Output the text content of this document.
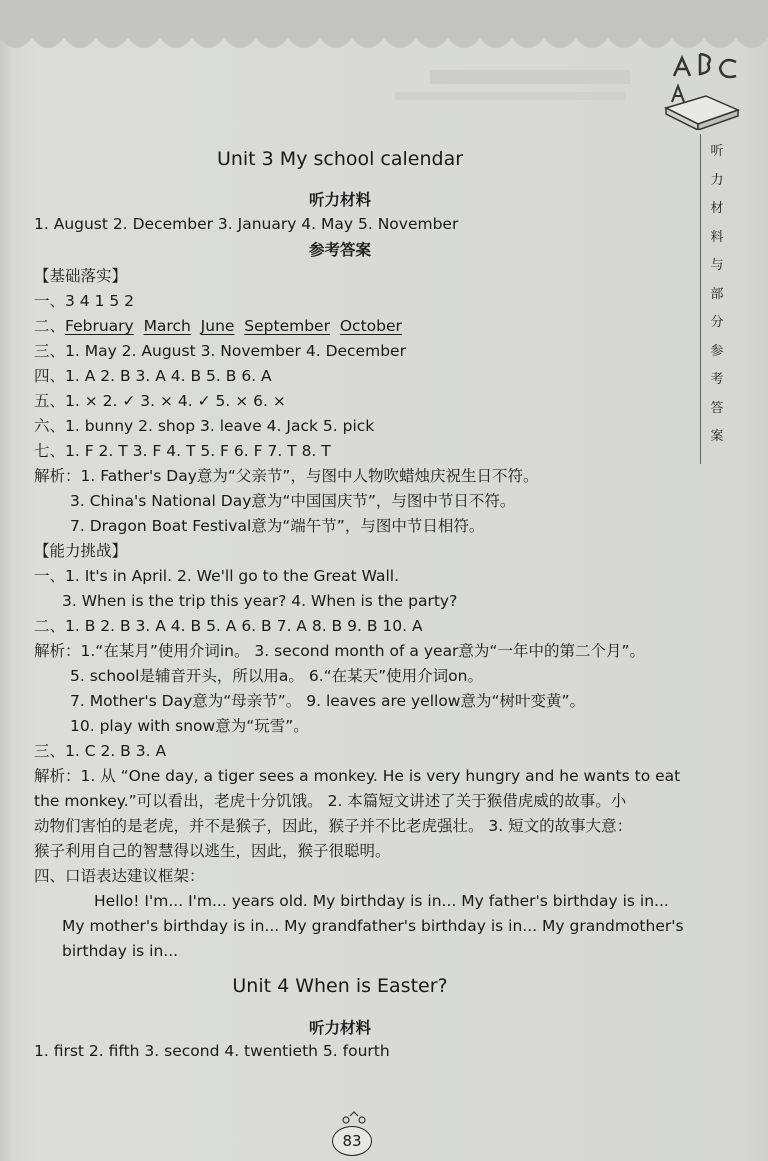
Unit 3 My school calendar
听力材料
1. August 2. December 3. January 4. May 5. November
参考答案
【基础落实】
一、3 4 1 5 2
二、February March June September October
三、1. May 2. August 3. November 4. December
四、1. A 2. B 3. A 4. B 5. B 6. A
五、1. × 2. ✓ 3. × 4. ✓ 5. × 6. ×
六、1. bunny 2. shop 3. leave 4. Jack 5. pick
七、1. F 2. T 3. F 4. T 5. F 6. F 7. T 8. T
解析：1. Father's Day意为“父亲节”，与图中人物吹蜡烛庆祝生日不符。
3. China's National Day意为“中国国庆节”，与图中节日不符。
7. Dragon Boat Festival意为“端午节”，与图中节日相符。
【能力挑战】
一、1. It's in April. 2. We'll go to the Great Wall.
3. When is the trip this year? 4. When is the party?
二、1. B 2. B 3. A 4. B 5. A 6. B 7. A 8. B 9. B 10. A
解析：1.“在某月”使用介词in。 3. second month of a year意为“一年中的第二个月”。
5. school是辅音开头，所以用a。 6.“在某天”使用介词on。
7. Mother's Day意为“母亲节”。 9. leaves are yellow意为“树叶变黄”。
10. play with snow意为“玩雪”。
三、1. C 2. B 3. A
解析：1. 从 “One day, a tiger sees a monkey. He is very hungry and he wants to eat
the monkey.”可以看出，老虎十分饥饿。 2. 本篇短文讲述了关于猴借虎威的故事。小
动物们害怕的是老虎，并不是猴子，因此，猴子并不比老虎强壮。 3. 短文的故事大意：
猴子利用自己的智慧得以逃生，因此，猴子很聪明。
四、口语表达建议框架：
Hello! I'm... I'm... years old. My birthday is in... My father's birthday is in...
My mother's birthday is in... My grandfather's birthday is in... My grandmother's
birthday is in...
Unit 4 When is Easter?
听力材料
1. first 2. fifth 3. second 4. twentieth 5. fourth
听
力
材
料
与
部
分
参
考
答
案
83
